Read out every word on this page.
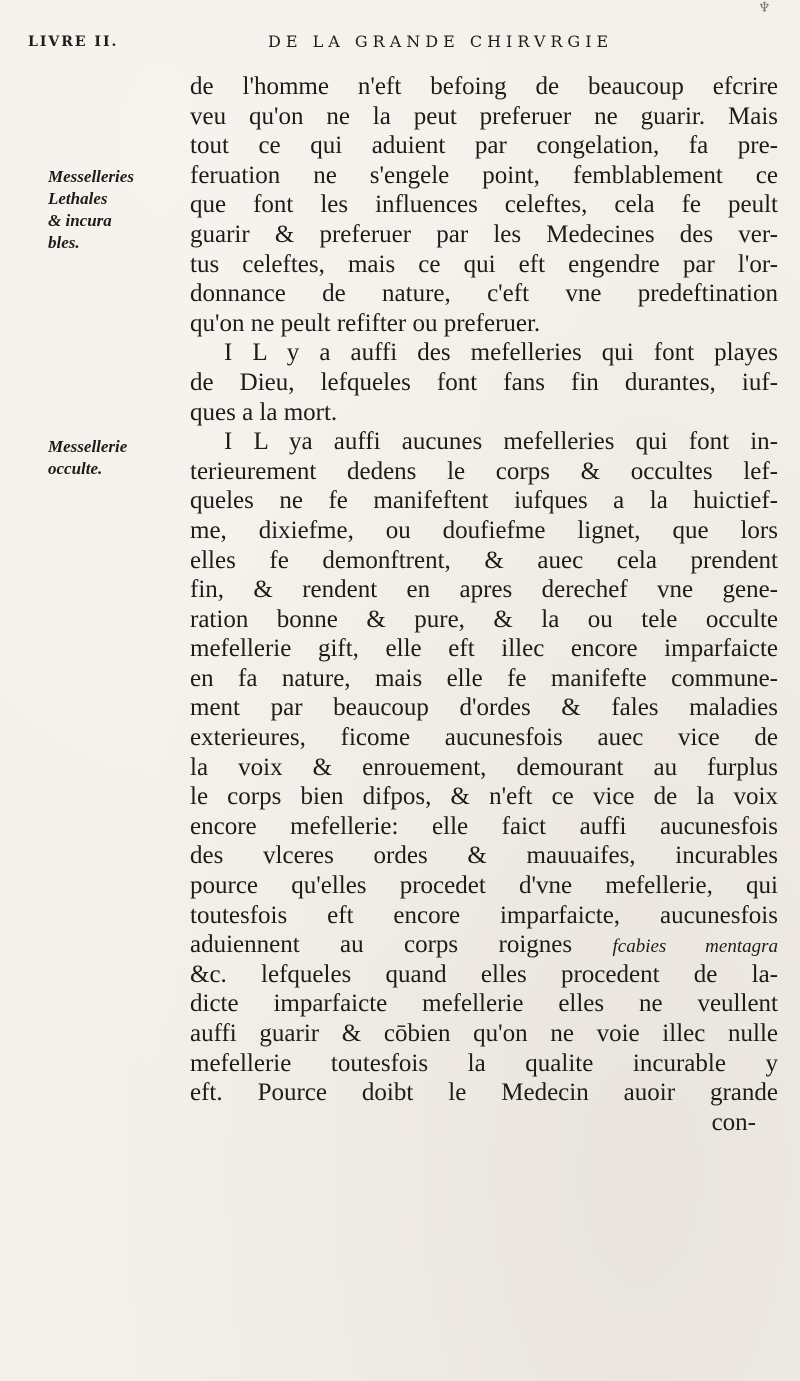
LIVRE II.	DE LA GRANDE CHIRVRGIE
♆
Messelleries
Lethales
& incura
bles.
Messellerie
occulte.
de l'homme n'eft befoing de beaucoup efcrire
veu qu'on ne la peut preferuer ne guarir. Mais
tout ce qui aduient par congelation, fa pre-
feruation ne s'engele point, femblablement ce
que font les influences celeftes, cela fe peult
guarir & preferuer par les Medecines des ver-
tus celeftes, mais ce qui eft engendre par l'or-
donnance de nature, c'eft vne predeftination
qu'on ne peult refifter ou preferuer.
I L y a auffi des mefelleries qui font playes
de Dieu, lefqueles font fans fin durantes, iuf-
ques a la mort.
I L ya auffi aucunes mefelleries qui font in-
terieurement dedens le corps & occultes lef-
queles ne fe manifeftent iufques a la huictief-
me, dixiefme, ou doufiefme lignet, que lors
elles fe demonftrent, & auec cela prendent
fin, & rendent en apres derechef vne gene-
ration bonne & pure, & la ou tele occulte
mefellerie gift, elle eft illec encore imparfaicte
en fa nature, mais elle fe manifefte commune-
ment par beaucoup d'ordes & fales maladies
exterieures, ficome aucunesfois auec vice de
la voix & enrouement, demourant au furplus
le corps bien difpos, & n'eft ce vice de la voix
encore mefellerie: elle faict auffi aucunesfois
des vlceres ordes & mauuaifes, incurables
pource qu'elles procedet d'vne mefellerie, qui
toutesfois eft encore imparfaicte, aucunesfois
aduiennent au corps roignes fcabies mentagra
&c. lefqueles quand elles procedent de la-
dicte imparfaicte mefellerie elles ne veullent
auffi guarir & cōbien qu'on ne voie illec nulle
mefellerie toutesfois la qualite incurable y
eft. Pource doibt le Medecin auoir grande
con-
